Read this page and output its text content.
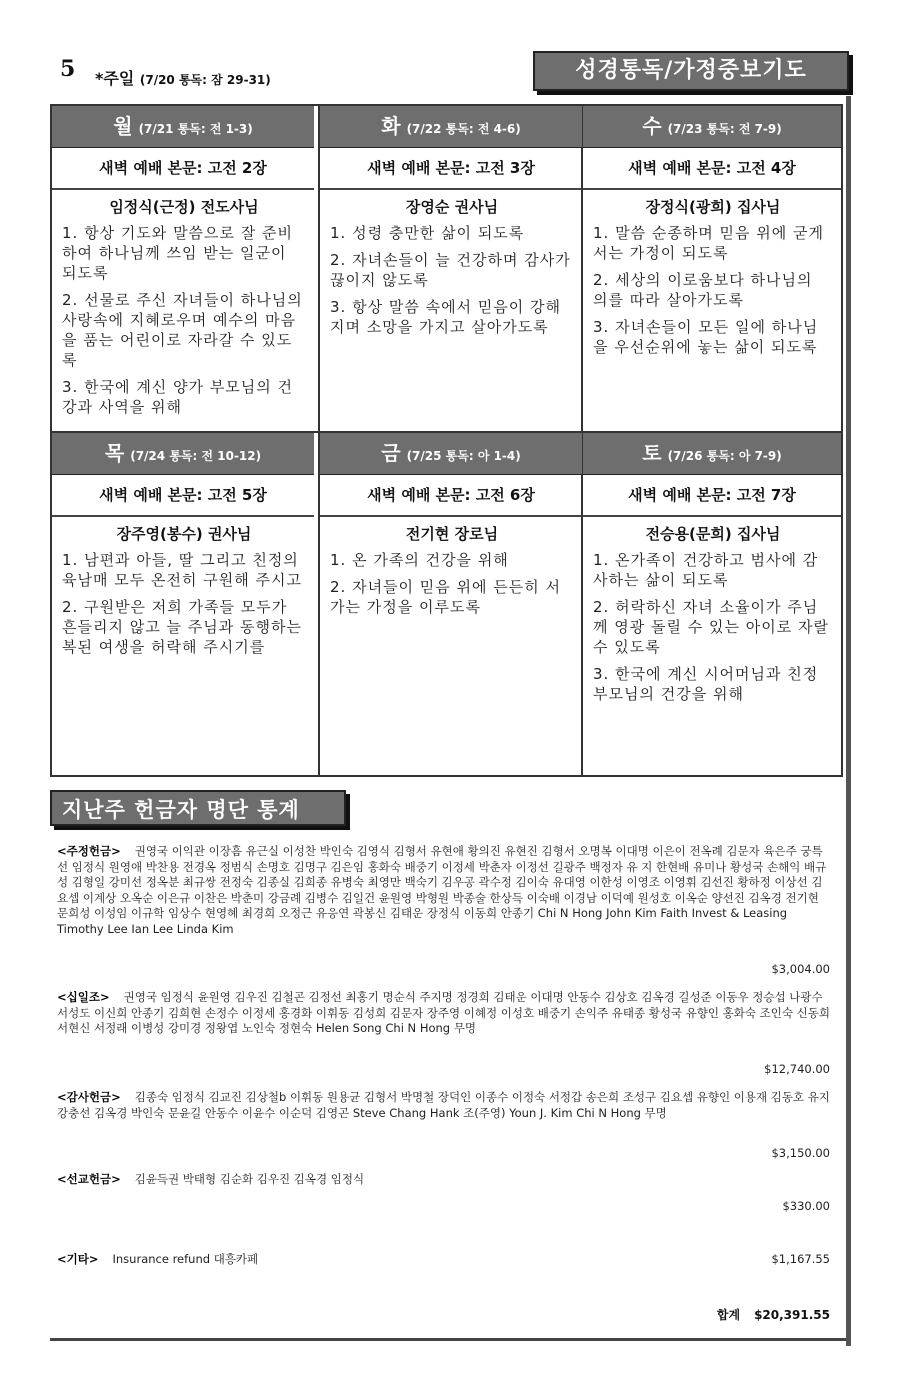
5 *주일 (7/20 통독: 잠 29-31)	성경통독/가정중보기도
월 (7/21 통독: 전 1-3)
새벽 예배 본문: 고전 2장
임정식(근정) 전도사님
1. 항상 기도와 말씀으로 잘 준비하여 하나님께 쓰임 받는 일군이 되도록
2. 선물로 주신 자녀들이 하나님의 사랑속에 지혜로우며 예수의 마음을 품는 어린이로 자라갈 수 있도록
3. 한국에 계신 양가 부모님의 건강과 사역을 위해
화 (7/22 통독: 전 4-6)
새벽 예배 본문: 고전 3장
장영순 권사님
1. 성령 충만한 삶이 되도록
2. 자녀손들이 늘 건강하며 감사가 끊이지 않도록
3. 항상 말씀 속에서 믿음이 강해지며 소망을 가지고 살아가도록
수 (7/23 통독: 전 7-9)
새벽 예배 본문: 고전 4장
장정식(광희) 집사님
1. 말씀 순종하며 믿음 위에 굳게 서는 가정이 되도록
2. 세상의 이로움보다 하나님의 의를 따라 살아가도록
3. 자녀손들이 모든 일에 하나님을 우선순위에 놓는 삶이 되도록
목 (7/24 통독: 전 10-12)
새벽 예배 본문: 고전 5장
장주영(봉수) 권사님
1. 남편과 아들, 딸 그리고 친정의 육남매 모두 온전히 구원해 주시고
2. 구원받은 저희 가족들 모두가 흔들리지 않고 늘 주님과 동행하는 복된 여생을 허락해 주시기를
금 (7/25 통독: 아 1-4)
새벽 예배 본문: 고전 6장
전기현 장로님
1. 온 가족의 건강을 위해
2. 자녀들이 믿음 위에 든든히 서가는 가정을 이루도록
토 (7/26 통독: 아 7-9)
새벽 예배 본문: 고전 7장
전승용(문희) 집사님
1. 온가족이 건강하고 범사에 감사하는 삶이 되도록
2. 허락하신 자녀 소율이가 주님께 영광 돌릴 수 있는 아이로 자랄 수 있도록
3. 한국에 계신 시어머님과 친정 부모님의 건강을 위해
지난주 헌금자 명단 통계
<주정헌금> 권영국 이익관 이장흠 유근실 이성찬 박인숙 김영식 김형서 유현애 황의진 유현진 김형서 오명복 이대명 이은이 전옥례 김문자 육은주 궁특선 임정식 원영애 박찬용 전경옥 정범식 손명호 김명구 김은임 홍화숙 배중기 이정세 박춘자 이정선 길광주 백정자 유 지 한현배 유미나 황성국 손해익 배규성 김형일 강미선 정옥분 최규쌍 전정숙 김종실 김희종 유병숙 최영만 백숙기 김우공 곽수정 김이숙 유대영 이한성 이영조 이영휘 김선진 황하정 이상선 김요셉 이계상 오옥순 이은규 이찬은 박춘미 강금례 김병수 김일건 윤원영 박형원 박종술 한상득 이숙배 이경남 이덕예 원성호 이옥순 양선진 김옥경 전기현 문희성 이성임 이규학 임상수 현영혜 최경희 오정근 유응연 곽봉신 김태운 장정식 이동희 안종기 Chi N Hong John Kim Faith Invest & Leasing Timothy Lee Ian Lee Linda Kim
$3,004.00
<십일조> 권영국 임정식 윤원영 김우진 김철곤 김정선 최홍기 명순식 주지명 정경희 김태운 이대명 안동수 김상호 김옥경 길성준 이동우 정승섭 나광수 서성도 이신희 안종기 김희현 손정수 이정세 홍경화 이휘동 김성희 김문자 장주영 이혜정 이성호 배중기 손익주 유태종 황성국 유향인 홍화숙 조인숙 신동희 서현신 서정래 이병성 강미경 정왕엽 노인숙 정현숙 Helen Song Chi N Hong 무명
$12,740.00
<감사헌금> 김종숙 임정식 김교진 김상철b 이휘동 원용균 김형서 박명철 장덕인 이종수 이정숙 서정갑 송은희 조성구 김요셉 유향인 이용재 김동호 유지 강충선 김옥경 박인숙 문윤길 안동수 이윤수 이순덕 김영곤 Steve Chang Hank 조(주영) Youn J. Kim Chi N Hong 무명
$3,150.00
<선교헌금> 김윤득권 박태형 김순화 김우진 김옥경 임정식
$330.00
<기타> Insurance refund 대흥카페	$1,167.55
합계 $20,391.55
